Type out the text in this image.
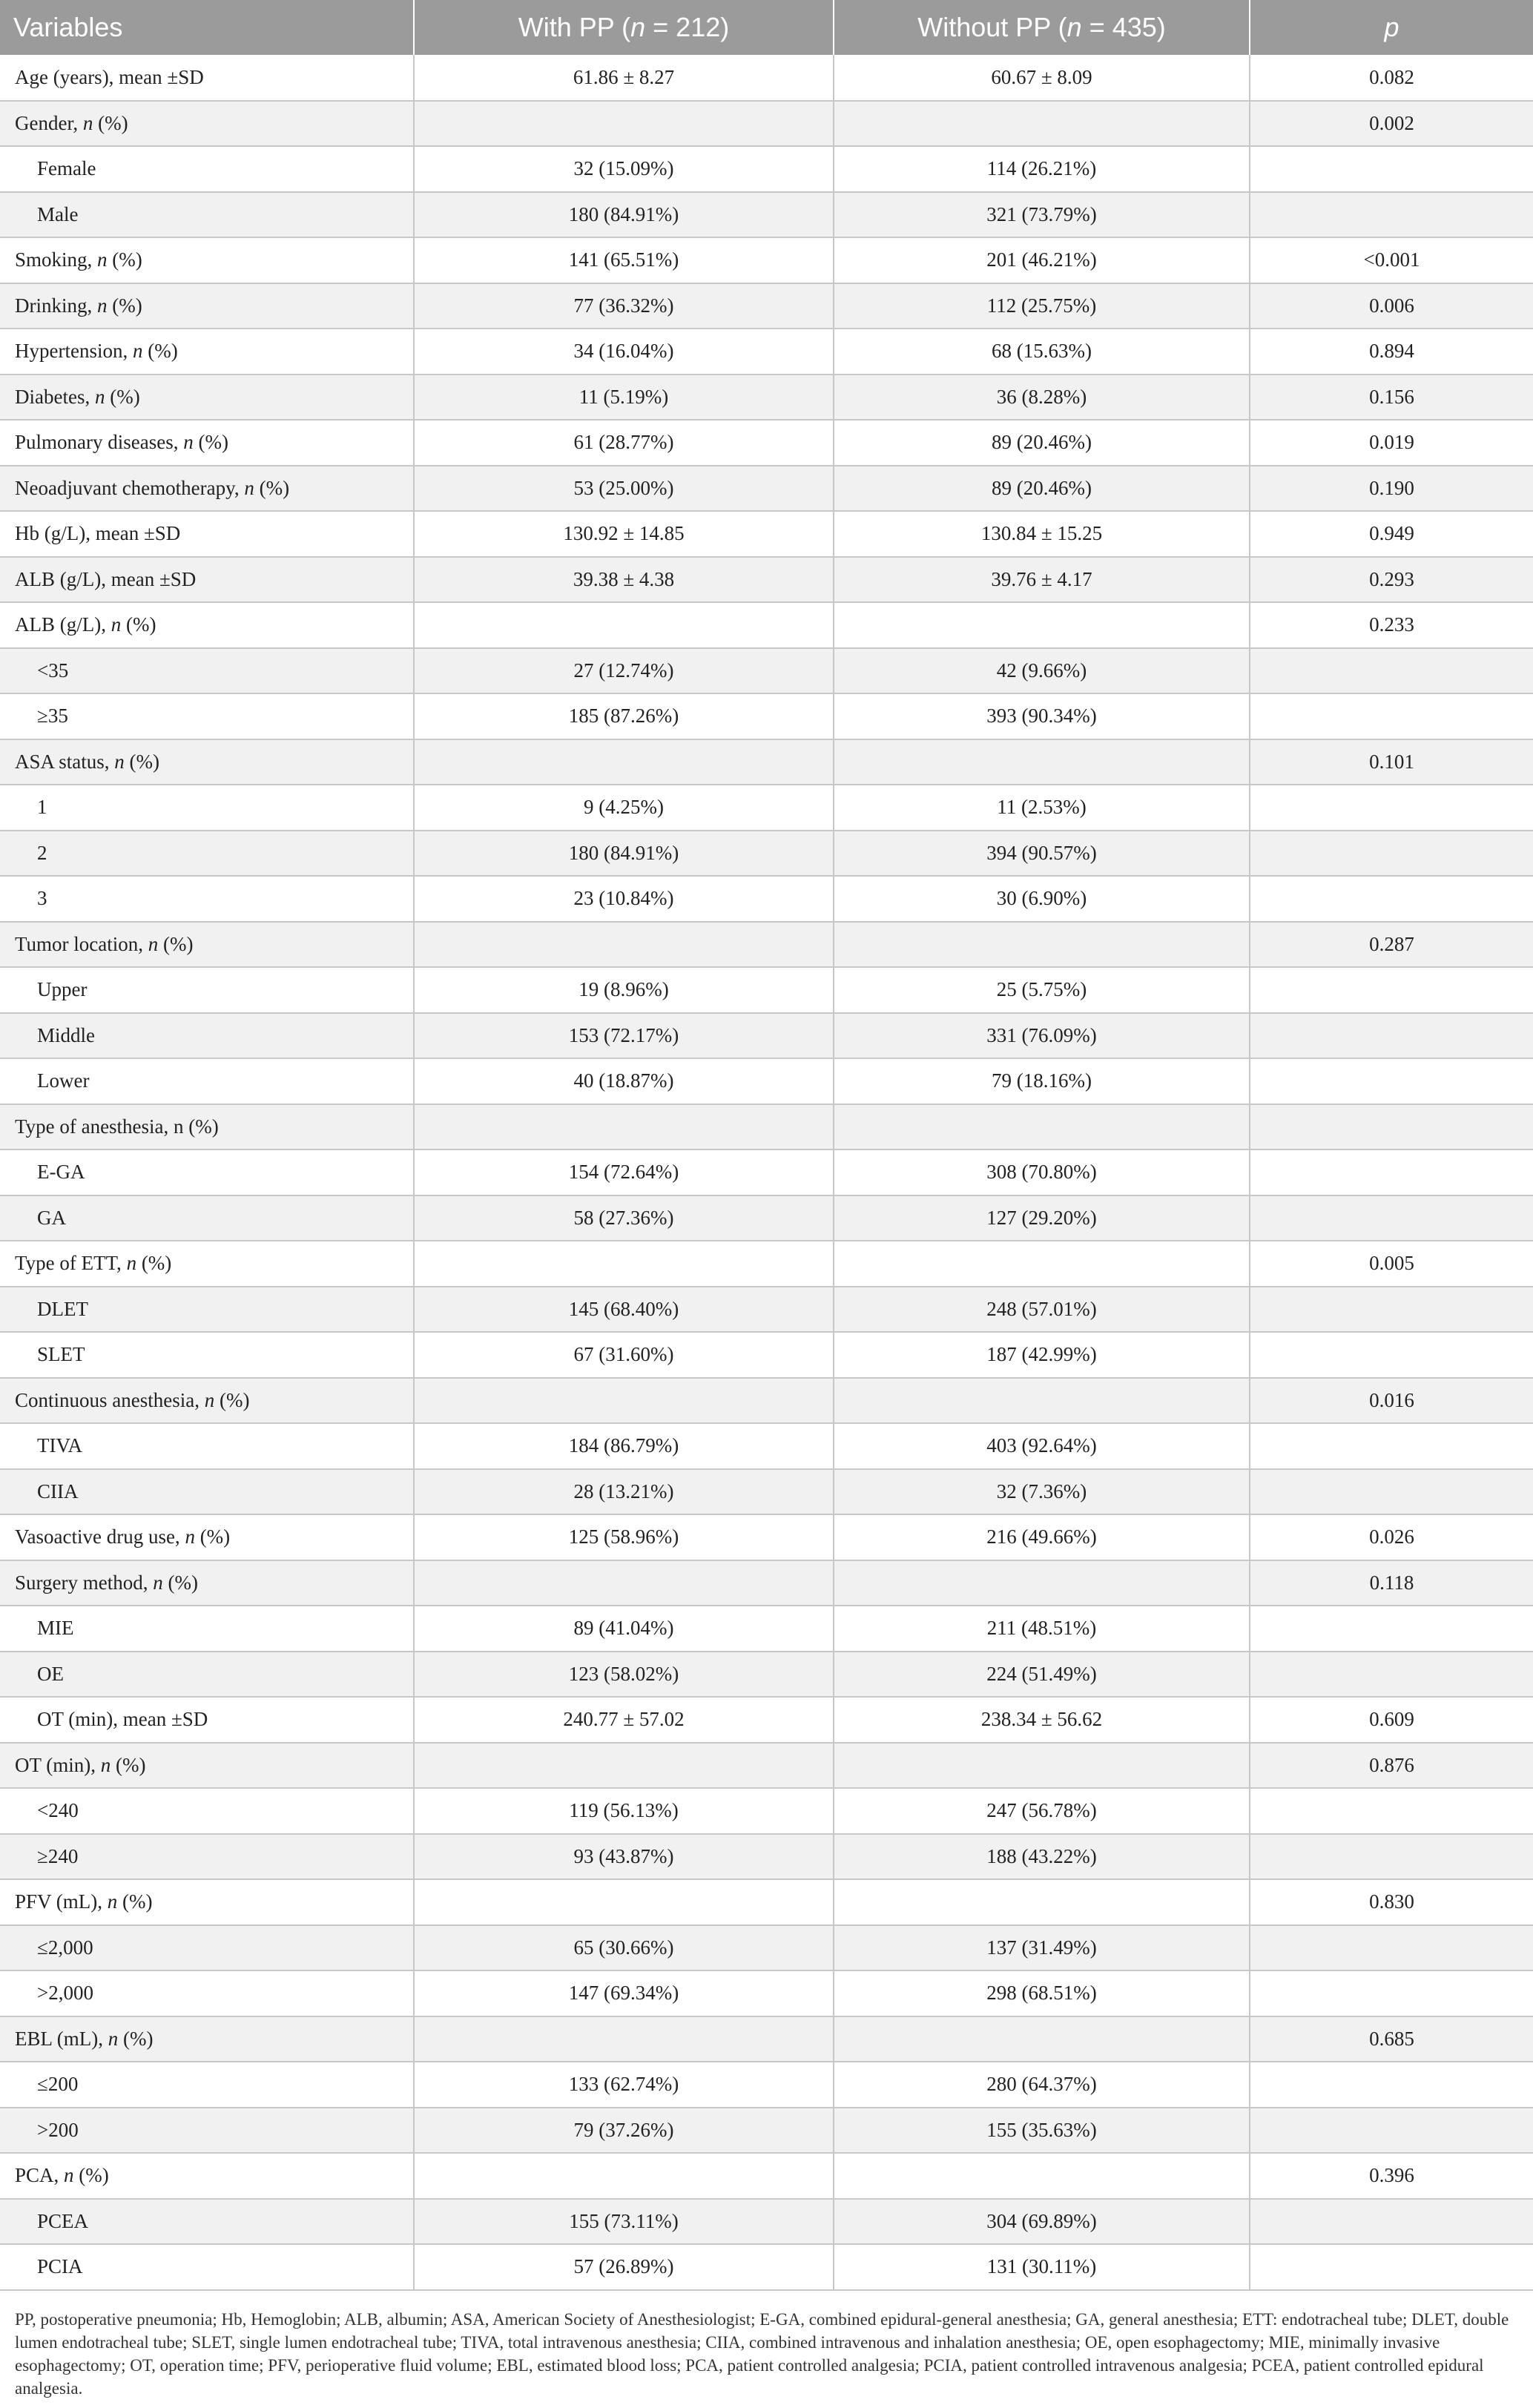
Variables	With PP (n = 212)	Without PP (n = 435)	p
Age (years), mean ±SD	61.86 ± 8.27	60.67 ± 8.09	0.082
Gender, n (%)			0.002
Female	32 (15.09%)	114 (26.21%)	
Male	180 (84.91%)	321 (73.79%)	
Smoking, n (%)	141 (65.51%)	201 (46.21%)	<0.001
Drinking, n (%)	77 (36.32%)	112 (25.75%)	0.006
Hypertension, n (%)	34 (16.04%)	68 (15.63%)	0.894
Diabetes, n (%)	11 (5.19%)	36 (8.28%)	0.156
Pulmonary diseases, n (%)	61 (28.77%)	89 (20.46%)	0.019
Neoadjuvant chemotherapy, n (%)	53 (25.00%)	89 (20.46%)	0.190
Hb (g/L), mean ±SD	130.92 ± 14.85	130.84 ± 15.25	0.949
ALB (g/L), mean ±SD	39.38 ± 4.38	39.76 ± 4.17	0.293
ALB (g/L), n (%)			0.233
<35	27 (12.74%)	42 (9.66%)	
≥35	185 (87.26%)	393 (90.34%)	
ASA status, n (%)			0.101
1	9 (4.25%)	11 (2.53%)	
2	180 (84.91%)	394 (90.57%)	
3	23 (10.84%)	30 (6.90%)	
Tumor location, n (%)			0.287
Upper	19 (8.96%)	25 (5.75%)	
Middle	153 (72.17%)	331 (76.09%)	
Lower	40 (18.87%)	79 (18.16%)	
Type of anesthesia, n (%)			
E-GA	154 (72.64%)	308 (70.80%)	
GA	58 (27.36%)	127 (29.20%)	
Type of ETT, n (%)			0.005
DLET	145 (68.40%)	248 (57.01%)	
SLET	67 (31.60%)	187 (42.99%)	
Continuous anesthesia, n (%)			0.016
TIVA	184 (86.79%)	403 (92.64%)	
CIIA	28 (13.21%)	32 (7.36%)	
Vasoactive drug use, n (%)	125 (58.96%)	216 (49.66%)	0.026
Surgery method, n (%)			0.118
MIE	89 (41.04%)	211 (48.51%)	
OE	123 (58.02%)	224 (51.49%)	
OT (min), mean ±SD	240.77 ± 57.02	238.34 ± 56.62	0.609
OT (min), n (%)			0.876
<240	119 (56.13%)	247 (56.78%)	
≥240	93 (43.87%)	188 (43.22%)	
PFV (mL), n (%)			0.830
≤2,000	65 (30.66%)	137 (31.49%)	
>2,000	147 (69.34%)	298 (68.51%)	
EBL (mL), n (%)			0.685
≤200	133 (62.74%)	280 (64.37%)	
>200	79 (37.26%)	155 (35.63%)	
PCA, n (%)			0.396
PCEA	155 (73.11%)	304 (69.89%)	
PCIA	57 (26.89%)	131 (30.11%)	
PP, postoperative pneumonia; Hb, Hemoglobin; ALB, albumin; ASA, American Society of Anesthesiologist; E-GA, combined epidural-general anesthesia; GA, general anesthesia; ETT: endotracheal tube; DLET, double lumen endotracheal tube; SLET, single lumen endotracheal tube; TIVA, total intravenous anesthesia; CIIA, combined intravenous and inhalation anesthesia; OE, open esophagectomy; MIE, minimally invasive esophagectomy; OT, operation time; PFV, perioperative fluid volume; EBL, estimated blood loss; PCA, patient controlled analgesia; PCIA, patient controlled intravenous analgesia; PCEA, patient controlled epidural analgesia.
